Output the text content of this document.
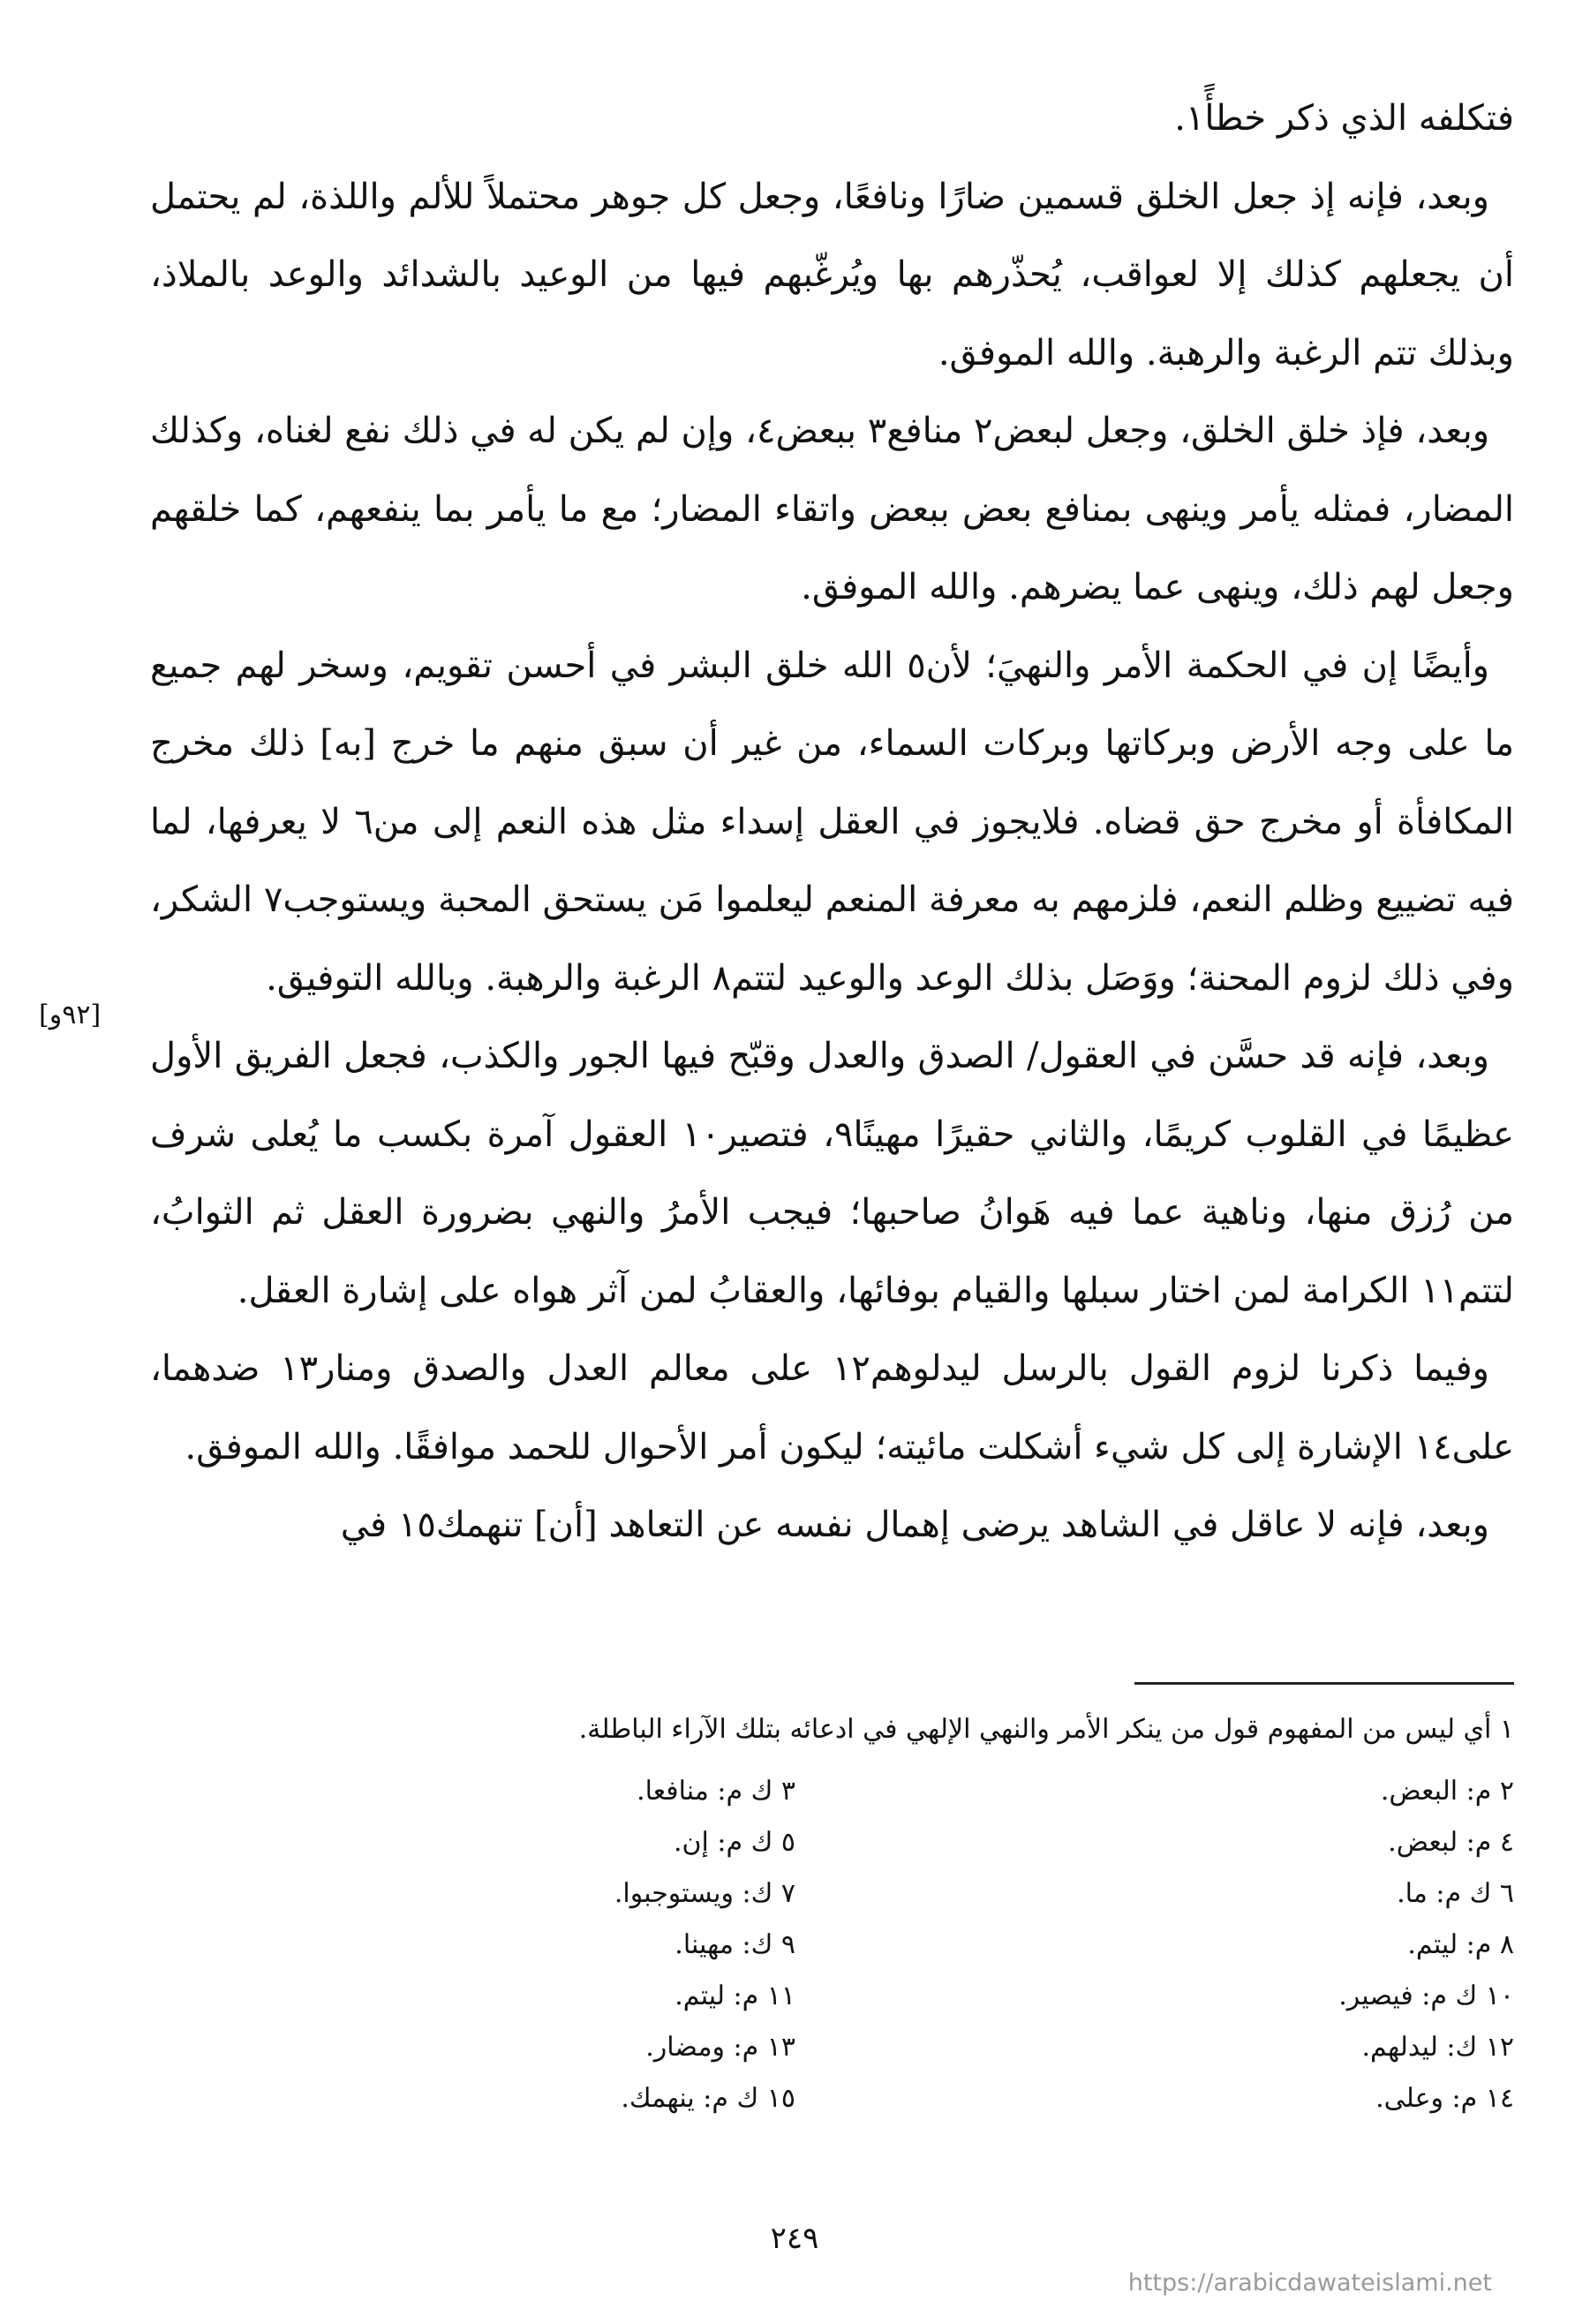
فتكلفه الذي ذكر خطأً١.

وبعد، فإنه إذ جعل الخلق قسمين ضارًا ونافعًا، وجعل كل جوهر محتملاً للألم واللذة، لم يحتمل أن يجعلهم كذلك إلا لعواقب، يُحذّرهم بها ويُرغّبهم فيها من الوعيد بالشدائد والوعد بالملاذ، وبذلك تتم الرغبة والرهبة. والله الموفق.

وبعد، فإذ خلق الخلق، وجعل لبعض٢ منافع٣ ببعض٤، وإن لم يكن له في ذلك نفع لغناه، وكذلك المضار، فمثله يأمر وينهى بمنافع بعض ببعض واتقاء المضار؛ مع ما يأمر بما ينفعهم، كما خلقهم وجعل لهم ذلك، وينهى عما يضرهم. والله الموفق.

وأيضًا إن في الحكمة الأمر والنهيَ؛ لأن٥ الله خلق البشر في أحسن تقويم، وسخر لهم جميع ما على وجه الأرض وبركاتها وبركات السماء، من غير أن سبق منهم ما خرج [به] ذلك مخرج المكافأة أو مخرج حق قضاه. فلايجوز في العقل إسداء مثل هذه النعم إلى من٦ لا يعرفها، لما فيه تضييع وظلم النعم، فلزمهم به معرفة المنعم ليعلموا مَن يستحق المحبة ويستوجب٧ الشكر، وفي ذلك لزوم المحنة؛ ووَصَل بذلك الوعد والوعيد لتتم٨ الرغبة والرهبة. وبالله التوفيق.

وبعد، فإنه قد حسَّن في العقول/ الصدق والعدل وقبّح فيها الجور والكذب، فجعل الفريق الأول عظيمًا في القلوب كريمًا، والثاني حقيرًا مهينًا٩، فتصير١٠ العقول آمرة بكسب ما يُعلى شرف من رُزق منها، وناهية عما فيه هَوانُ صاحبها؛ فيجب الأمرُ والنهي بضرورة العقل ثم الثوابُ، لتتم١١ الكرامة لمن اختار سبلها والقيام بوفائها، والعقابُ لمن آثر هواه على إشارة العقل.

وفيما ذكرنا لزوم القول بالرسل ليدلوهم١٢ على معالم العدل والصدق ومنار١٣ ضدهما، على١٤ الإشارة إلى كل شيء أشكلت مائيته؛ ليكون أمر الأحوال للحمد موافقًا. والله الموفق.

وبعد، فإنه لا عاقل في الشاهد يرضى إهمال نفسه عن التعاهد [أن] تنهمك١٥ في

[٩٢و]
١ أي ليس من المفهوم قول من ينكر الأمر والنهي الإلهي في ادعائه بتلك الآراء الباطلة.
٢ م: البعض.
٤ م: لبعض.
٦ ك م: ما.
٨ م: ليتم.
١٠ ك م: فيصير.
١٢ ك: ليدلهم.
١٤ م: وعلى.
٣ ك م: منافعا.
٥ ك م: إن.
٧ ك: ويستوجبوا.
٩ ك: مهينا.
١١ م: ليتم.
١٣ م: ومضار.
١٥ ك م: ينهمك.
٢٤٩
https://arabicdawateislami.net
